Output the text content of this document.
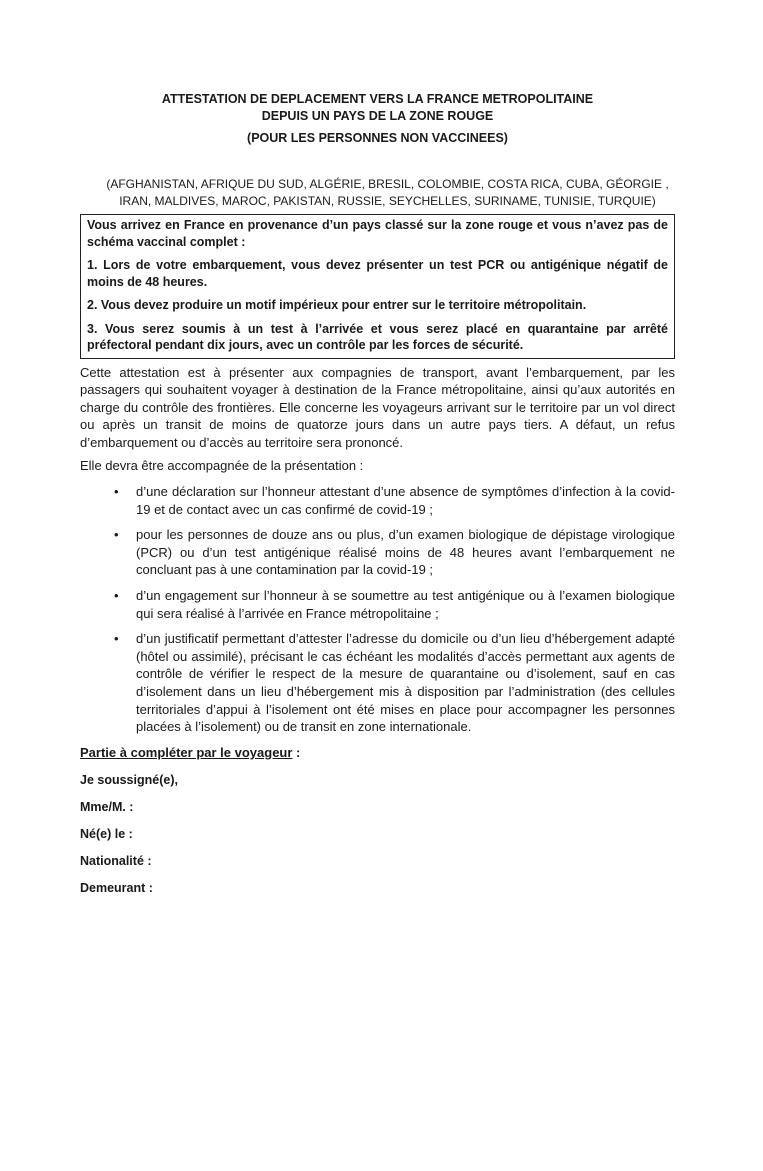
ATTESTATION DE DEPLACEMENT VERS LA FRANCE METROPOLITAINE
DEPUIS UN PAYS DE LA ZONE ROUGE
(POUR LES PERSONNES NON VACCINEES)
(AFGHANISTAN, AFRIQUE DU SUD, ALGÉRIE, BRESIL, COLOMBIE, COSTA RICA, CUBA, GÉORGIE ,
IRAN, MALDIVES, MAROC, PAKISTAN, RUSSIE, SEYCHELLES, SURINAME, TUNISIE, TURQUIE)

Vous arrivez en France en provenance d’un pays classé sur la zone rouge et vous n’avez pas de schéma vaccinal complet :

1. Lors de votre embarquement, vous devez présenter un test PCR ou antigénique négatif de moins de 48 heures.

2. Vous devez produire un motif impérieux pour entrer sur le territoire métropolitain.

3. Vous serez soumis à un test à l’arrivée et vous serez placé en quarantaine par arrêté préfectoral pendant dix jours, avec un contrôle par les forces de sécurité.

Cette attestation est à présenter aux compagnies de transport, avant l’embarquement, par les passagers qui souhaitent voyager à destination de la France métropolitaine, ainsi qu’aux autorités en charge du contrôle des frontières. Elle concerne les voyageurs arrivant sur le territoire par un vol direct ou après un transit de moins de quatorze jours dans un autre pays tiers. A défaut, un refus d’embarquement ou d’accès au territoire sera prononcé.

Elle devra être accompagnée de la présentation :

• d’une déclaration sur l’honneur attestant d’une absence de symptômes d’infection à la covid-19 et de contact avec un cas confirmé de covid-19 ;
• pour les personnes de douze ans ou plus, d’un examen biologique de dépistage virologique (PCR) ou d’un test antigénique réalisé moins de 48 heures avant l’embarquement ne concluant pas à une contamination par la covid-19 ;
• d’un engagement sur l’honneur à se soumettre au test antigénique ou à l’examen biologique qui sera réalisé à l’arrivée en France métropolitaine ;
• d’un justificatif permettant d’attester l’adresse du domicile ou d’un lieu d’hébergement adapté (hôtel ou assimilé), précisant le cas échéant les modalités d’accès permettant aux agents de contrôle de vérifier le respect de la mesure de quarantaine ou d’isolement, sauf en cas d’isolement dans un lieu d’hébergement mis à disposition par l’administration (des cellules territoriales d’appui à l’isolement ont été mises en place pour accompagner les personnes placées à l’isolement) ou de transit en zone internationale.
Partie à compléter par le voyageur :
Je soussigné(e),
Mme/M. :
Né(e) le :
Nationalité :
Demeurant :
